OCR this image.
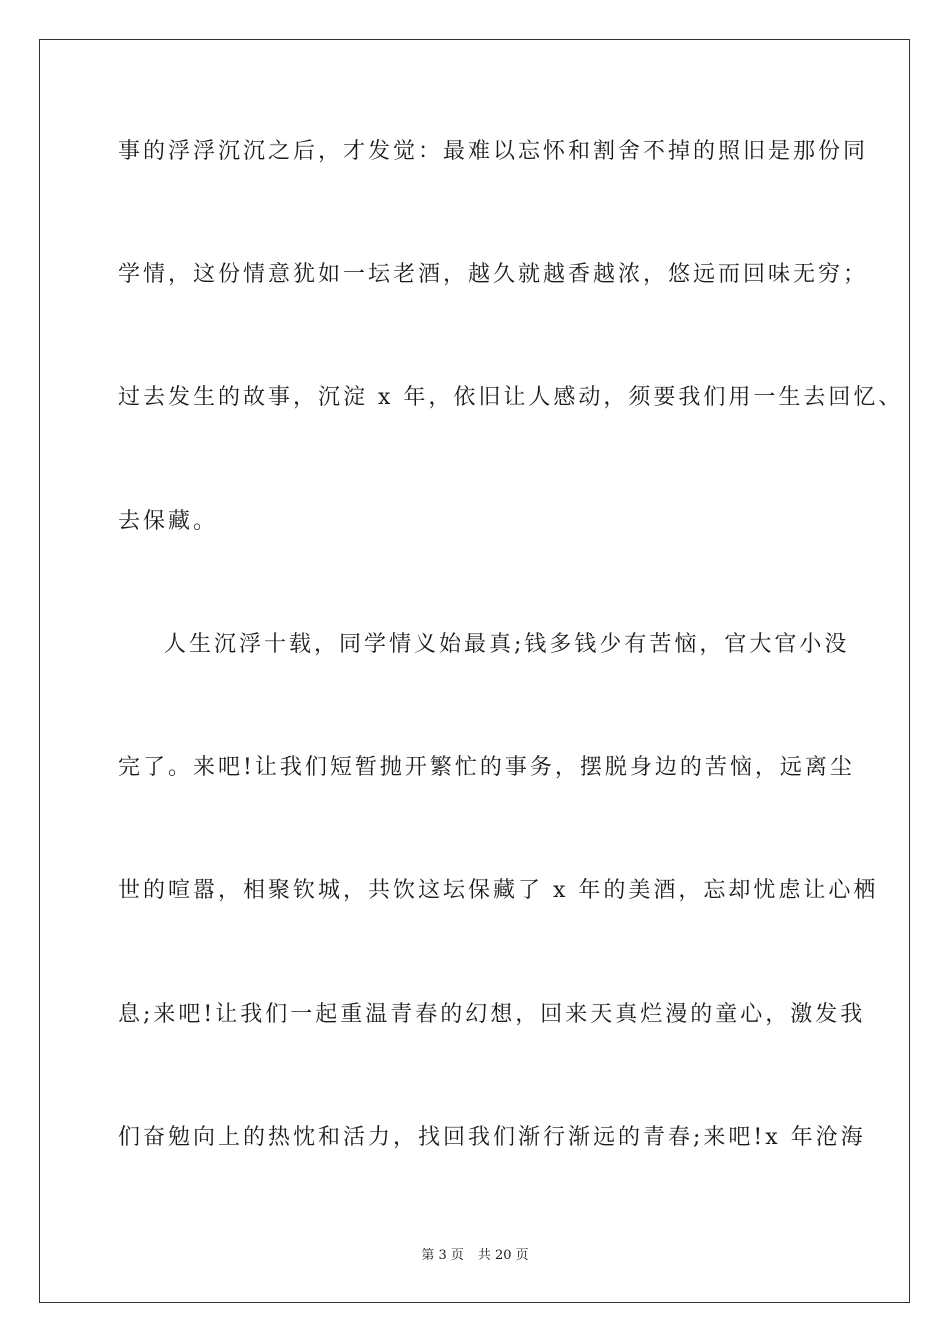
事的浮浮沉沉之后，才发觉：最难以忘怀和割舍不掉的照旧是那份同
学情，这份情意犹如一坛老酒，越久就越香越浓，悠远而回味无穷；
过去发生的故事，沉淀 x 年，依旧让人感动，须要我们用一生去回忆、
去保藏。
人生沉浮十载，同学情义始最真;钱多钱少有苦恼，官大官小没
完了。来吧!让我们短暂抛开繁忙的事务，摆脱身边的苦恼，远离尘
世的喧嚣，相聚钦城，共饮这坛保藏了 x 年的美酒，忘却忧虑让心栖
息;来吧!让我们一起重温青春的幻想，回来天真烂漫的童心，激发我
们奋勉向上的热忱和活力，找回我们渐行渐远的青春;来吧!x 年沧海
第 3 页 共 20 页
